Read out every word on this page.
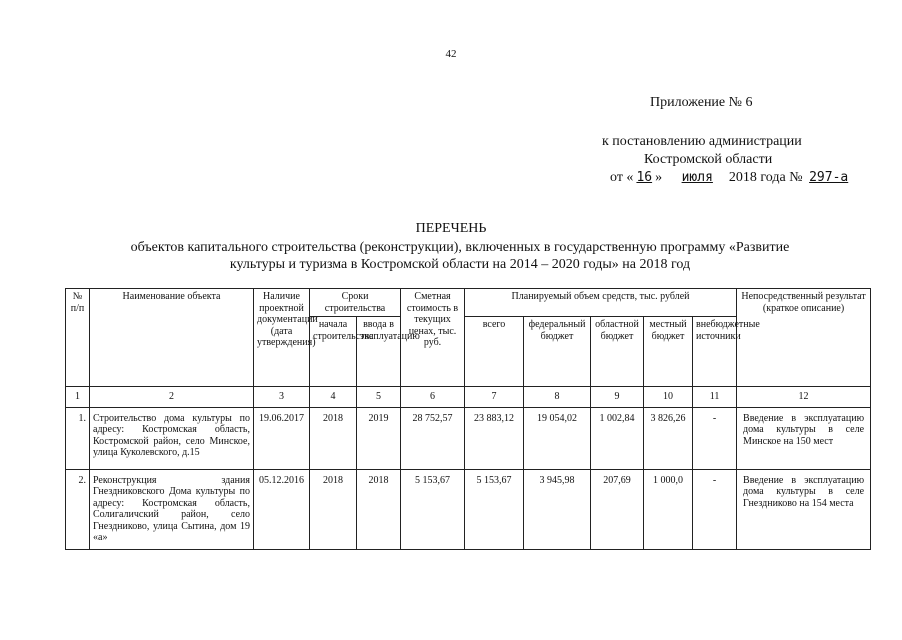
42
Приложение № 6
к постановлению администрации
Костромской области
от « 16 » июля 2018 года № 297-а
ПЕРЕЧЕНЬ
объектов капитального строительства (реконструкции), включенных в государственную программу «Развитие культуры и туризма в Костромской области на 2014 – 2020 годы» на 2018 год
№ п/п	Наименование объекта	Наличие проектной документации (дата утверждения)	Сроки строительства		Сметная стоимость в текущих ценах, тыс. руб.	Планируемый объем средств, тыс. рублей					Непосредственный результат (краткое описание)
			начала строительства	ввода в эксплуатацию		всего	федеральный бюджет	областной бюджет	местный бюджет	внебюджетные источники	
1	2	3	4	5	6	7	8	9	10	11	12
1.	Строительство дома культуры по адресу: Костромская область, Костромской район, село Минское, улица Куколевского, д.15	19.06.2017	2018	2019	28 752,57	23 883,12	19 054,02	1 002,84	3 826,26	-	Введение в эксплуатацию дома культуры в селе Минское на 150 мест
2.	Реконструкция здания Гнездниковского Дома культуры по адресу: Костромская область, Солигаличский район, село Гнездниково, улица Сытина, дом 19 «а»	05.12.2016	2018	2018	5 153,67	5 153,67	3 945,98	207,69	1 000,0	-	Введение в эксплуатацию дома культуры в селе Гнездниково на 154 места
